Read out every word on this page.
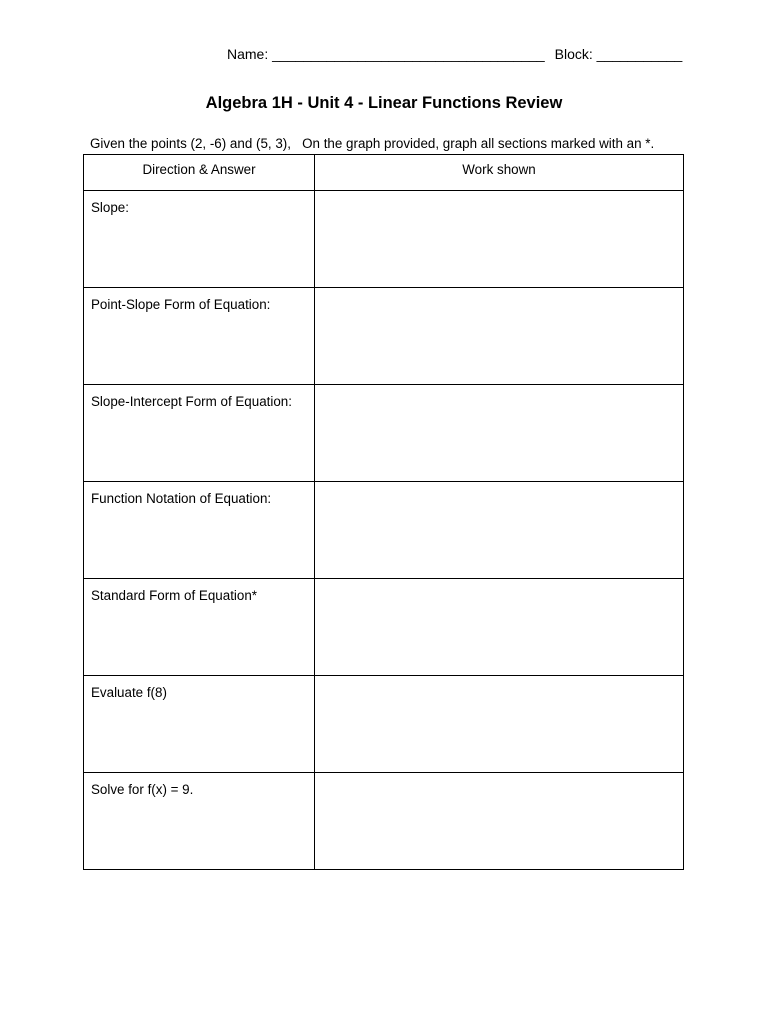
Name: ___________________________________ Block: ___________
Algebra 1H - Unit 4 - Linear Functions Review
Given the points (2, -6) and (5, 3),   On the graph provided, graph all sections marked with an *.
Direction & Answer	Work shown
Slope:	
Point-Slope Form of Equation:	
Slope-Intercept Form of Equation:	
Function Notation of Equation:	
Standard Form of Equation*	
Evaluate f(8)	
Solve for f(x) = 9.	
